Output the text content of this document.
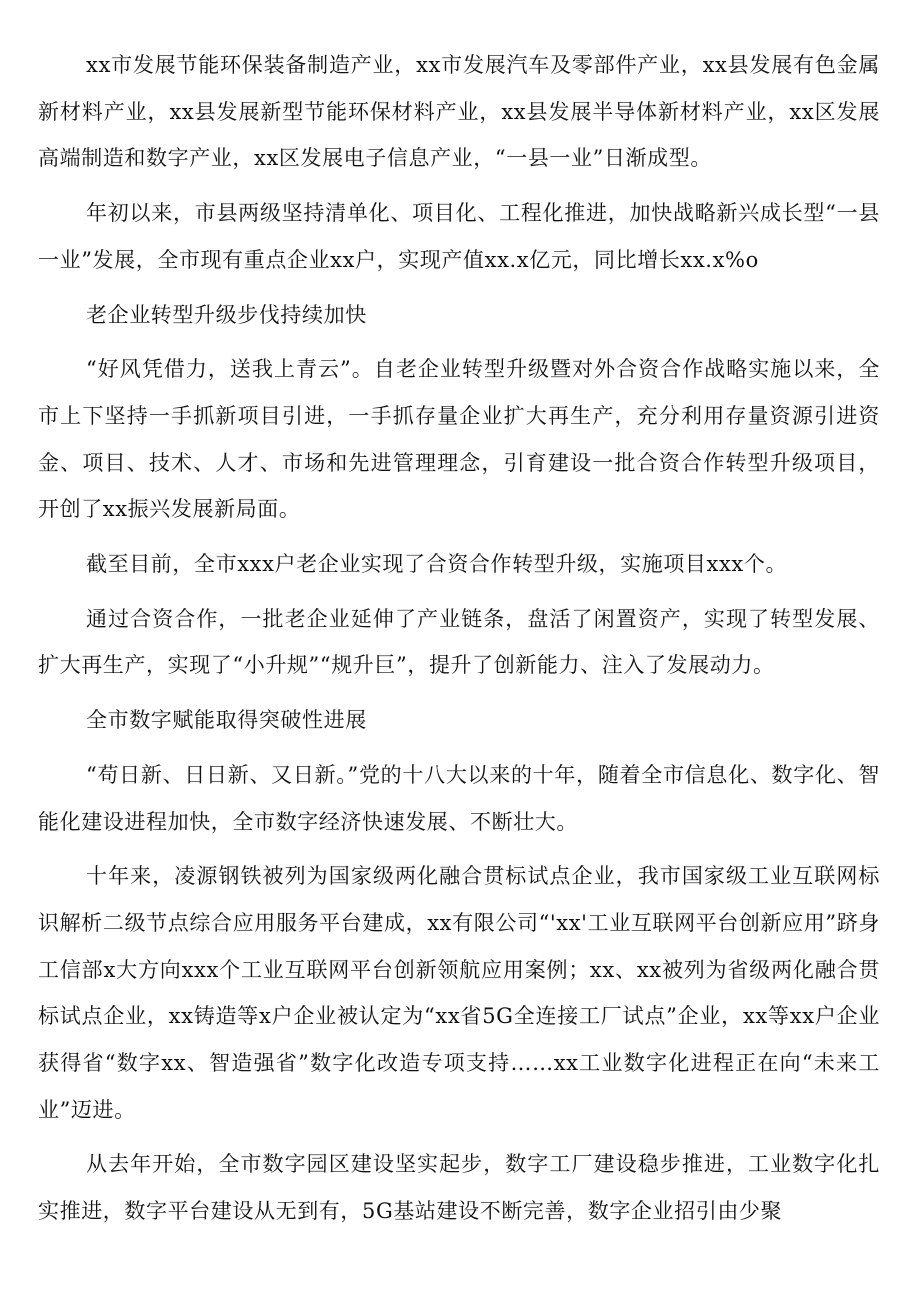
xx市发展节能环保装备制造产业，xx市发展汽车及零部件产业，xx县发展有色金属新材料产业，xx县发展新型节能环保材料产业，xx县发展半导体新材料产业，xx区发展高端制造和数字产业，xx区发展电子信息产业，“一县一业”日渐成型。

年初以来，市县两级坚持清单化、项目化、工程化推进，加快战略新兴成长型“一县一业”发展，全市现有重点企业xx户，实现产值xx.x亿元，同比增长xx.x%o

老企业转型升级步伐持续加快

“好风凭借力，送我上青云”。自老企业转型升级暨对外合资合作战略实施以来，全市上下坚持一手抓新项目引进，一手抓存量企业扩大再生产，充分利用存量资源引进资金、项目、技术、人才、市场和先进管理理念，引育建设一批合资合作转型升级项目，开创了xx振兴发展新局面。

截至目前，全市xxx户老企业实现了合资合作转型升级，实施项目xxx个。

通过合资合作，一批老企业延伸了产业链条，盘活了闲置资产，实现了转型发展、扩大再生产，实现了“小升规”“规升巨”，提升了创新能力、注入了发展动力。

全市数字赋能取得突破性进展

“苟日新、日日新、又日新。”党的十八大以来的十年，随着全市信息化、数字化、智能化建设进程加快，全市数字经济快速发展、不断壮大。

十年来，凌源钢铁被列为国家级两化融合贯标试点企业，我市国家级工业互联网标识解析二级节点综合应用服务平台建成，xx有限公司“'xx'工业互联网平台创新应用”跻身工信部x大方向xxx个工业互联网平台创新领航应用案例；xx、xx被列为省级两化融合贯标试点企业，xx铸造等x户企业被认定为“xx省5G全连接工厂试点”企业，xx等xx户企业获得省“数字xx、智造强省”数字化改造专项支持……xx工业数字化进程正在向“未来工业”迈进。

从去年开始，全市数字园区建设坚实起步，数字工厂建设稳步推进，工业数字化扎实推进，数字平台建设从无到有，5G基站建设不断完善，数字企业招引由少聚
